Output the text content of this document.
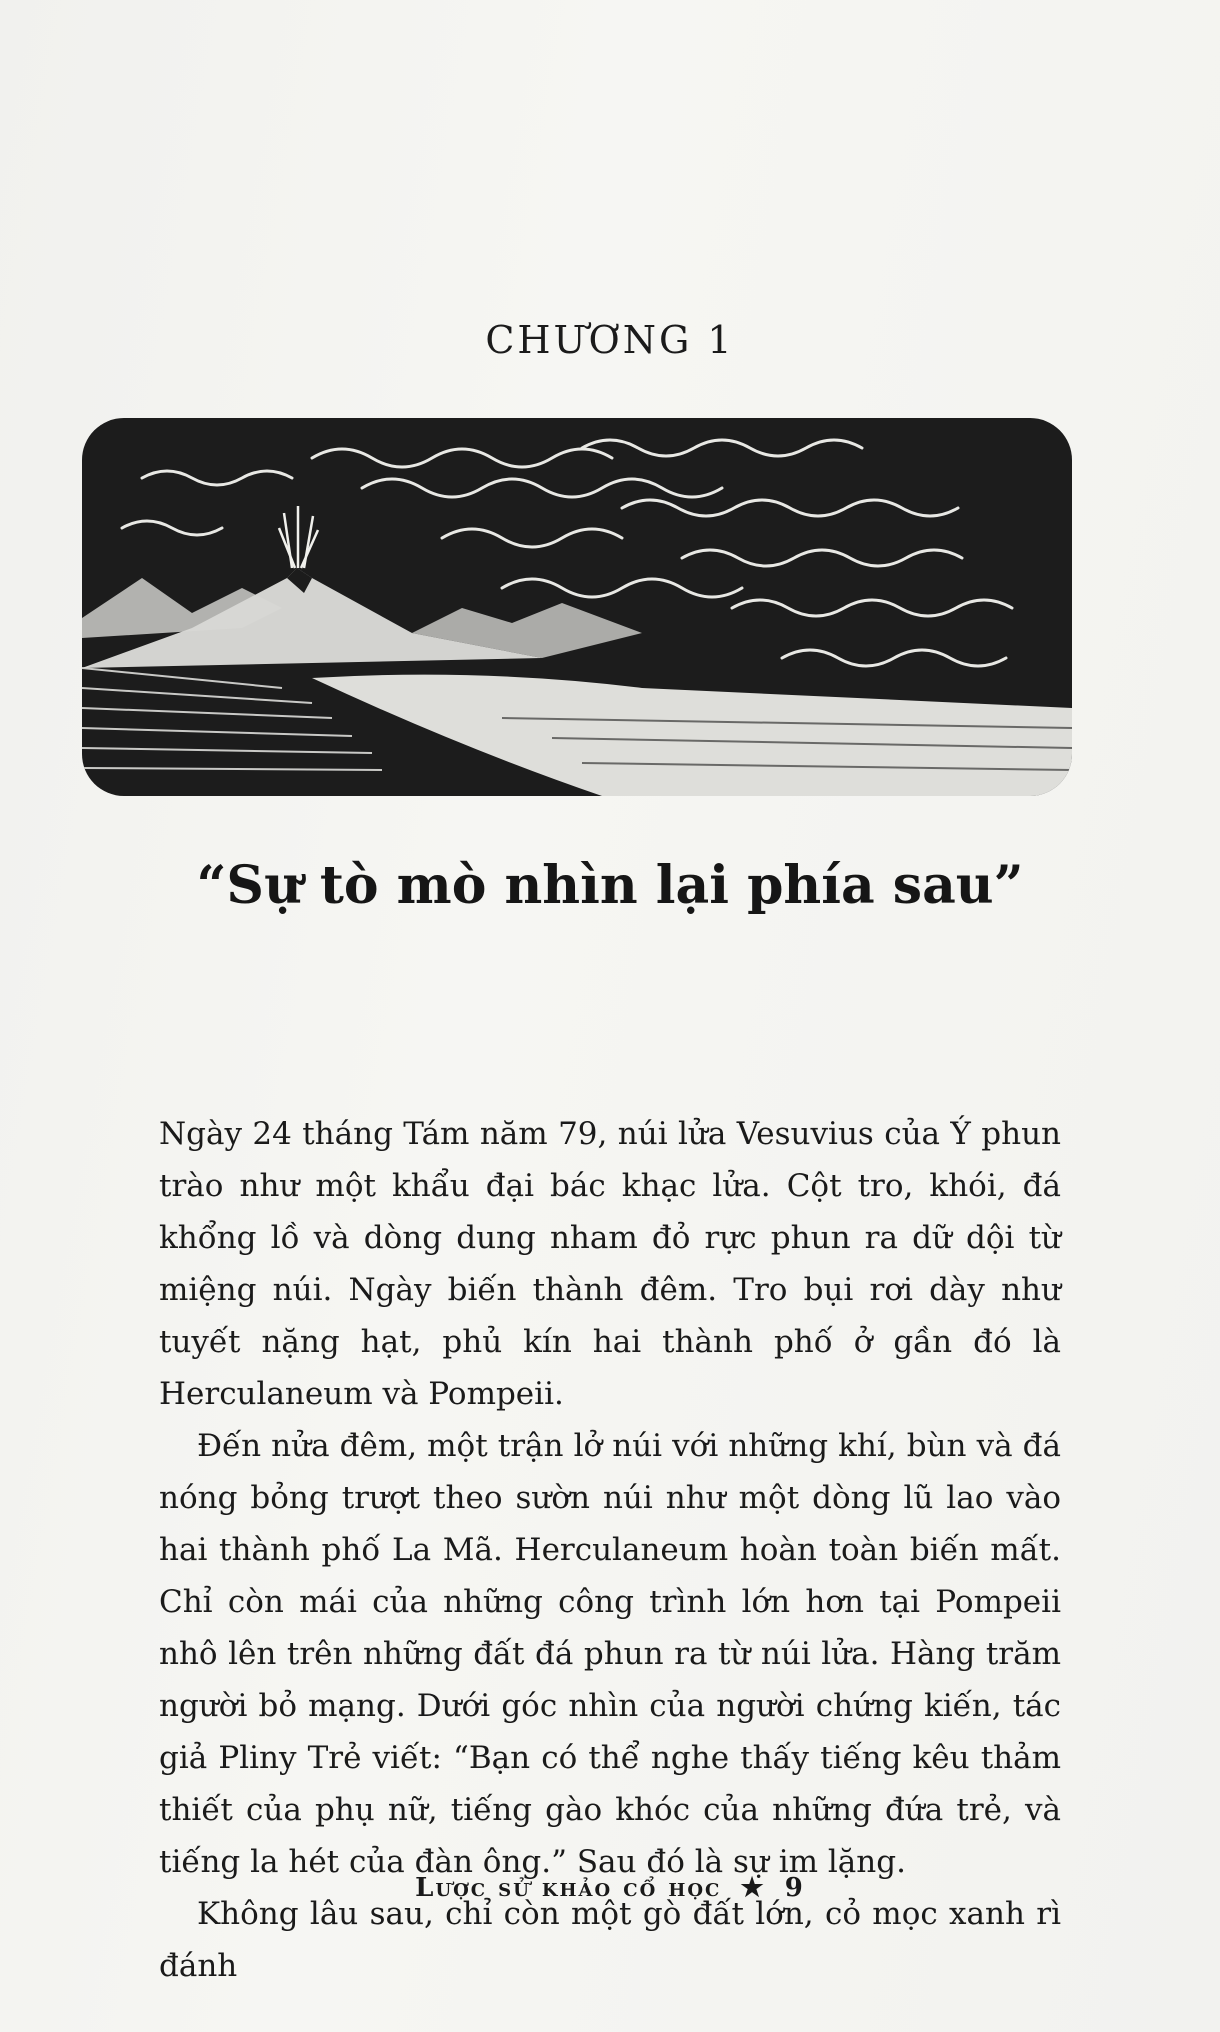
CHƯƠNG 1
“Sự tò mò nhìn lại phía sau”

Ngày 24 tháng Tám năm 79, núi lửa Vesuvius của Ý phun trào như một khẩu đại bác khạc lửa. Cột tro, khói, đá khổng lồ và dòng dung nham đỏ rực phun ra dữ dội từ miệng núi. Ngày biến thành đêm. Tro bụi rơi dày như tuyết nặng hạt, phủ kín hai thành phố ở gần đó là Herculaneum và Pompeii.

Đến nửa đêm, một trận lở núi với những khí, bùn và đá nóng bỏng trượt theo sườn núi như một dòng lũ lao vào hai thành phố La Mã. Herculaneum hoàn toàn biến mất. Chỉ còn mái của những công trình lớn hơn tại Pompeii nhô lên trên những đất đá phun ra từ núi lửa. Hàng trăm người bỏ mạng. Dưới góc nhìn của người chứng kiến, tác giả Pliny Trẻ viết: “Bạn có thể nghe thấy tiếng kêu thảm thiết của phụ nữ, tiếng gào khóc của những đứa trẻ, và tiếng la hét của đàn ông.” Sau đó là sự im lặng.

Không lâu sau, chỉ còn một gò đất lớn, cỏ mọc xanh rì đánh

Lược sử khảo cổ học ★ 9
